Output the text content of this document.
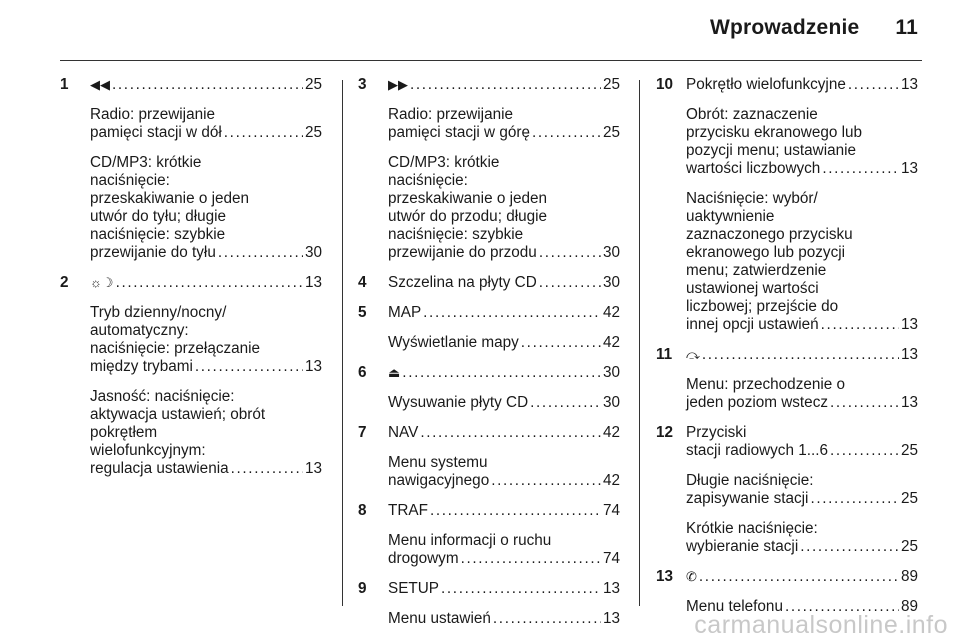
Wprowadzenie 11
1 ◀◀ . . .	25
Radio: przewijanie
pamięci stacji w dół . . .	25
CD/MP3: krótkie
naciśnięcie:
przeskakiwanie o jeden
utwór do tyłu; długie
naciśnięcie: szybkie
przewijanie do tyłu . . .	30
2 ☼☽ . . .	13
Tryb dzienny/nocny/
automatyczny:
naciśnięcie: przełączanie
między trybami . . .	13
Jasność: naciśnięcie:
aktywacja ustawień; obrót
pokrętłem
wielofunkcyjnym:
regulacja ustawienia . . .	13
3 ▶▶ . . .	25
Radio: przewijanie
pamięci stacji w górę . . .	25
CD/MP3: krótkie
naciśnięcie:
przeskakiwanie o jeden
utwór do przodu; długie
naciśnięcie: szybkie
przewijanie do przodu . . .	30
4 Szczelina na płyty CD . . .	30
5 MAP . . .	42
Wyświetlanie mapy . . .	42
6 ⏏ . . .	30
Wysuwanie płyty CD . . .	30
7 NAV . . .	42
Menu systemu
nawigacyjnego . . .	42
8 TRAF . . .	74
Menu informacji o ruchu
drogowym . . .	74
9 SETUP . . .	13
Menu ustawień . . .	13
10 Pokrętło wielofunkcyjne . . .	13
Obrót: zaznaczenie
przycisku ekranowego lub
pozycji menu; ustawianie
wartości liczbowych . . .	13
Naciśnięcie: wybór/
uaktywnienie
zaznaczonego przycisku
ekranowego lub pozycji
menu; zatwierdzenie
ustawionej wartości
liczbowej; przejście do
innej opcji ustawień . . .	13
11 ⤼ . . .	13
Menu: przechodzenie o
jeden poziom wstecz . . .	13
12 Przyciski
stacji radiowych 1...6 . . .	25
Długie naciśnięcie:
zapisywanie stacji . . .	25
Krótkie naciśnięcie:
wybieranie stacji . . .	25
13 ✆ . . .	89
Menu telefonu . . .	89
carmanualsonline.info
